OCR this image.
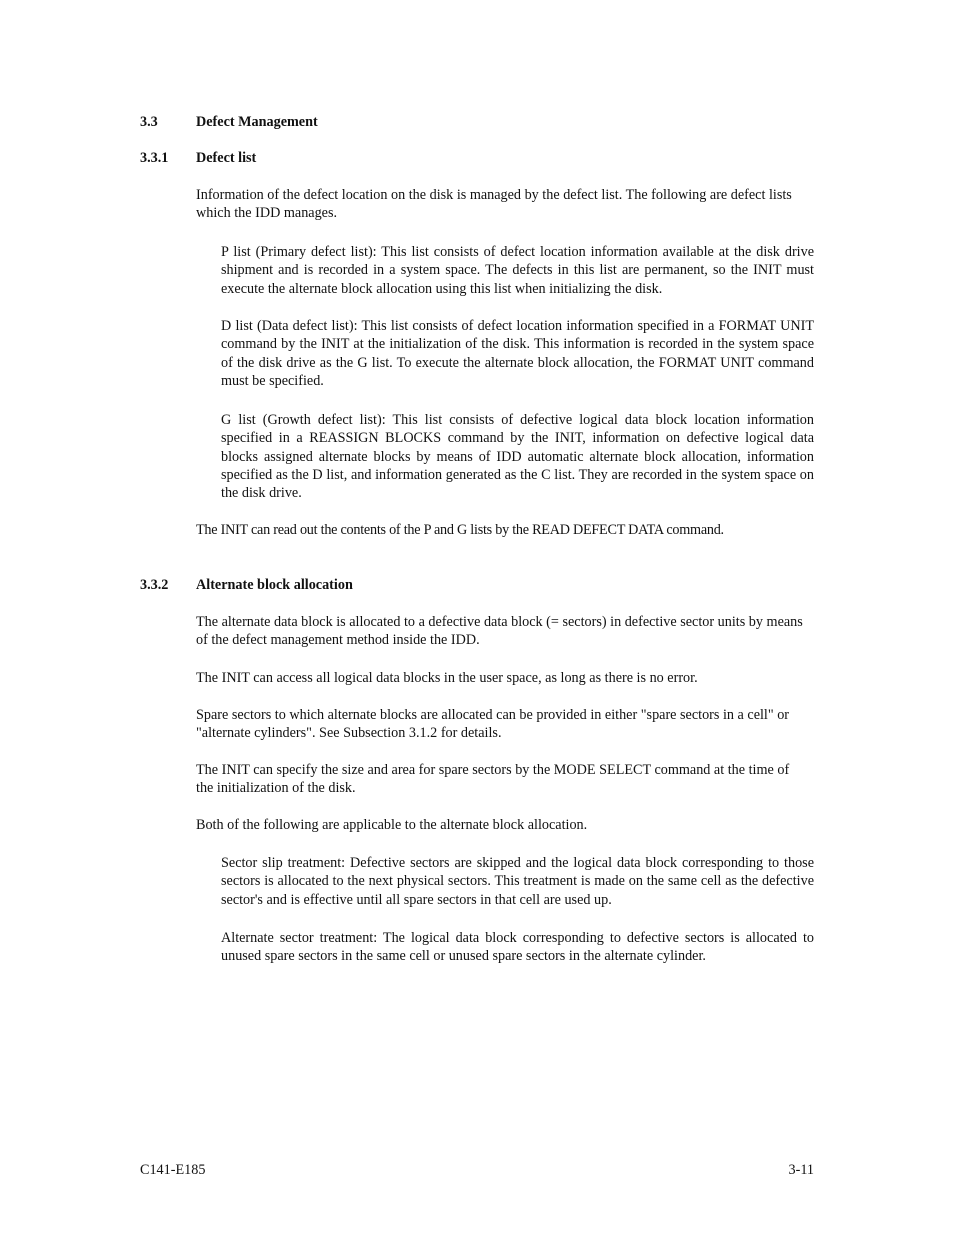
3.3	Defect Management
3.3.1	Defect list
Information of the defect location on the disk is managed by the defect list. The following are defect lists which the IDD manages.
P list (Primary defect list): This list consists of defect location information available at the disk drive shipment and is recorded in a system space. The defects in this list are permanent, so the INIT must execute the alternate block allocation using this list when initializing the disk.
D list (Data defect list): This list consists of defect location information specified in a FORMAT UNIT command by the INIT at the initialization of the disk. This information is recorded in the system space of the disk drive as the G list. To execute the alternate block allocation, the FORMAT UNIT command must be specified.
G list (Growth defect list): This list consists of defective logical data block location information specified in a REASSIGN BLOCKS command by the INIT, information on defective logical data blocks assigned alternate blocks by means of IDD automatic alternate block allocation, information specified as the D list, and information generated as the C list. They are recorded in the system space on the disk drive.
The INIT can read out the contents of the P and G lists by the READ DEFECT DATA command.
3.3.2	Alternate block allocation
The alternate data block is allocated to a defective data block (= sectors) in defective sector units by means of the defect management method inside the IDD.
The INIT can access all logical data blocks in the user space, as long as there is no error.
Spare sectors to which alternate blocks are allocated can be provided in either "spare sectors in a cell" or "alternate cylinders". See Subsection 3.1.2 for details.
The INIT can specify the size and area for spare sectors by the MODE SELECT command at the time of the initialization of the disk.
Both of the following are applicable to the alternate block allocation.
Sector slip treatment: Defective sectors are skipped and the logical data block corresponding to those sectors is allocated to the next physical sectors. This treatment is made on the same cell as the defective sector's and is effective until all spare sectors in that cell are used up.
Alternate sector treatment: The logical data block corresponding to defective sectors is allocated to unused spare sectors in the same cell or unused spare sectors in the alternate cylinder.
C141-E185	3-11
